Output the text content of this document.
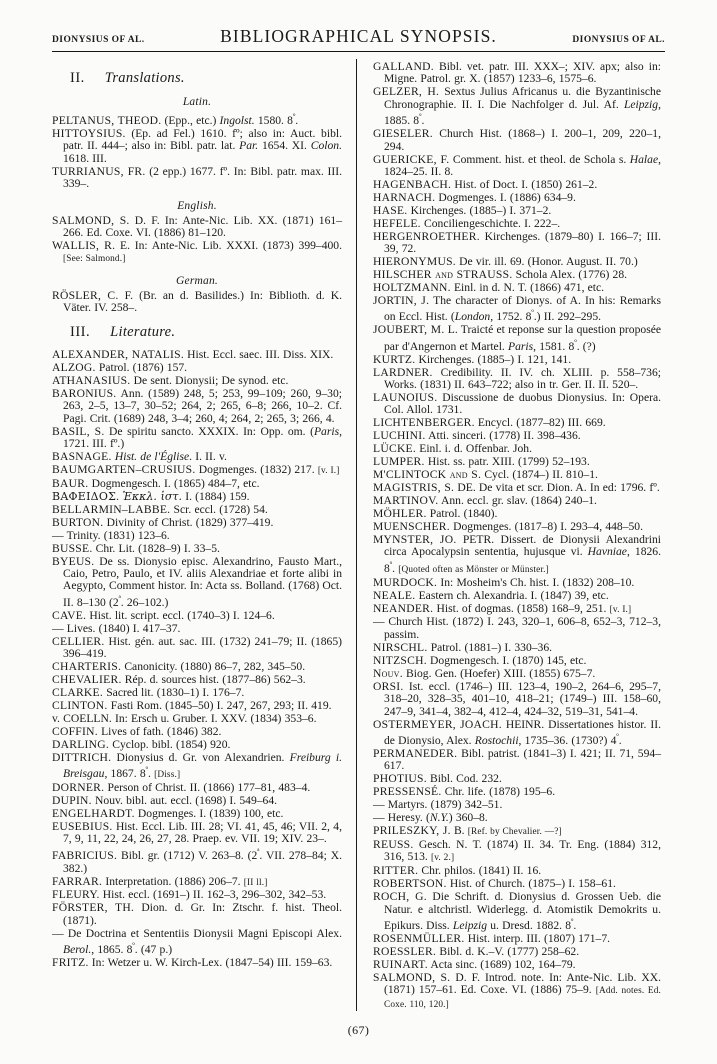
DIONYSIUS OF AL.	BIBLIOGRAPHICAL SYNOPSIS.	DIONYSIUS OF AL.
II. Translations.
Latin.
PELTANUS, THEOD. (Epp., etc.) Ingolst. 1580. $8^º$.
HITTOYSIUS. (Ep. ad Fel.) 1610. fº; also in: Auct. bibl. patr. II. 444–; also in: Bibl. patr. lat. Par. 1654. XI. Colon. 1618. III.
TURRIANUS, FR. (2 epp.) 1677. fº. In: Bibl. patr. max. III. 339–.
English.
SALMOND, S. D. F. In: Ante-Nic. Lib. XX. (1871) 161–266. Ed. Coxe. VI. (1886) 81–120.
WALLIS, R. E. In: Ante-Nic. Lib. XXXI. (1873) 399–400. [See: Salmond.]
German.
RÖSLER, C. F. (Br. an d. Basilides.) In: Biblioth. d. K. Väter. IV. 258–.
III. Literature.
ALEXANDER, NATALIS. Hist. Eccl. saec. III. Diss. XIX.
ALZOG. Patrol. (1876) 157.
ATHANASIUS. De sent. Dionysii; De synod. etc.
BARONIUS. Ann. (1589) 248, 5; 253, 99–109; 260, 9–30; 263, 2–5, 13–7, 30–52; 264, 2; 265, 6–8; 266, 10–2. Cf. Pagi. Crit. (1689) 248, 3–4; 260, 4; 264, 2; 265, 3; 266, 4.
BASIL, S. De spiritu sancto. XXXIX. In: Opp. om. (Paris, 1721. III. fº.)
BASNAGE. Hist. de l'Église. I. II. v.
BAUMGARTEN–CRUSIUS. Dogmenges. (1832) 217. [v. I.]
BAUR. Dogmengesch. I. (1865) 484–7, etc.
ΒΑΦΕΙΔΟΣ. Ἐκκλ. ἱστ. I. (1884) 159.
BELLARMIN–LABBE. Scr. eccl. (1728) 54.
BURTON. Divinity of Christ. (1829) 377–419.
— Trinity. (1831) 123–6.
BUSSE. Chr. Lit. (1828–9) I. 33–5.
BYEUS. De ss. Dionysio episc. Alexandrino, Fausto Mart., Caio, Petro, Paulo, et IV. aliis Alexandriae et forte alibi in Aegypto, Comment histor. In: Acta ss. Bolland. (1768) Oct. II. 8–130 ($2^ª$. 26–102.)
CAVE. Hist. lit. script. eccl. (1740–3) I. 124–6.
— Lives. (1840) I. 417–37.
CELLIER. Hist. gén. aut. sac. III. (1732) 241–79; II. (1865) 396–419.
CHARTERIS. Canonicity. (1880) 86–7, 282, 345–50.
CHEVALIER. Rép. d. sources hist. (1877–86) 562–3.
CLARKE. Sacred lit. (1830–1) I. 176–7.
CLINTON. Fasti Rom. (1845–50) I. 247, 267, 293; II. 419.
v. COELLN. In: Ersch u. Gruber. I. XXV. (1834) 353–6.
COFFIN. Lives of fath. (1846) 382.
DARLING. Cyclop. bibl. (1854) 920.
DITTRICH. Dionysius d. Gr. von Alexandrien. Freiburg i. Breisgau, 1867. $8^º$. [Diss.]
DORNER. Person of Christ. II. (1866) 177–81, 483–4.
DUPIN. Nouv. bibl. aut. eccl. (1698) I. 549–64.
ENGELHARDT. Dogmenges. I. (1839) 100, etc.
EUSEBIUS. Hist. Eccl. Lib. III. 28; VI. 41, 45, 46; VII. 2, 4, 7, 9, 11, 22, 24, 26, 27, 28. Praep. ev. VII. 19; XIV. 23–.
FABRICIUS. Bibl. gr. (1712) V. 263–8. ($2^ª$. VII. 278–84; X. 382.)
FARRAR. Interpretation. (1886) 206–7. [II ll.]
FLEURY. Hist. eccl. (1691–) II. 162–3, 296–302, 342–53.
FÖRSTER, TH. Dion. d. Gr. In: Ztschr. f. hist. Theol. (1871).
— De Doctrina et Sententiis Dionysii Magni Episcopi Alex. Berol., 1865. $8^º$. (47 p.)
FRITZ. In: Wetzer u. W. Kirch-Lex. (1847–54) III. 159–63.
GALLAND. Bibl. vet. patr. III. XXX–; XIV. apx; also in: Migne. Patrol. gr. X. (1857) 1233–6, 1575–6.
GELZER, H. Sextus Julius Africanus u. die Byzantinische Chronographie. II. I. Die Nachfolger d. Jul. Af. Leipzig, 1885. $8^º$.
GIESELER. Church Hist. (1868–) I. 200–1, 209, 220–1, 294.
GUERICKE, F. Comment. hist. et theol. de Schola s. Halae, 1824–25. II. 8.
HAGENBACH. Hist. of Doct. I. (1850) 261–2.
HARNACH. Dogmenges. I. (1886) 634–9.
HASE. Kirchenges. (1885–) I. 371–2.
HEFELE. Conciliengeschichte. I. 222–.
HERGENROETHER. Kirchenges. (1879–80) I. 166–7; III. 39, 72.
HIERONYMUS. De vir. ill. 69. (Honor. August. II. 70.)
HILSCHER and STRAUSS. Schola Alex. (1776) 28.
HOLTZMANN. Einl. in d. N. T. (1866) 471, etc.
JORTIN, J. The character of Dionys. of A. In his: Remarks on Eccl. Hist. (London, 1752. $8^º$.) II. 292–295.
JOUBERT, M. L. Traicté et reponse sur la question proposée par d'Angernon et Martel. Paris, 1581. $8^º$. (?)
KURTZ. Kirchenges. (1885–) I. 121, 141.
LARDNER. Credibility. II. IV. ch. XLIII. p. 558–736; Works. (1831) II. 643–722; also in tr. Ger. II. II. 520–.
LAUNOIUS. Discussione de duobus Dionysius. In: Opera. Col. Allol. 1731.
LICHTENBERGER. Encycl. (1877–82) III. 669.
LUCHINI. Atti. sinceri. (1778) II. 398–436.
LÜCKE. Einl. i. d. Offenbar. Joh.
LUMPER. Hist. ss. patr. XIII. (1799) 52–193.
M'CLINTOCK and S. Cycl. (1874–) II. 810–1.
MAGISTRIS, S. DE. De vita et scr. Dion. A. In ed: 1796. fº.
MARTINOV. Ann. eccl. gr. slav. (1864) 240–1.
MÖHLER. Patrol. (1840).
MUENSCHER. Dogmenges. (1817–8) I. 293–4, 448–50.
MYNSTER, JO. PETR. Dissert. de Dionysii Alexandrini circa Apocalypsin sententia, hujusque vi. Havniae, 1826. $8^º$. [Quoted often as Mönster or Münster.]
MURDOCK. In: Mosheim's Ch. hist. I. (1832) 208–10.
NEALE. Eastern ch. Alexandria. I. (1847) 39, etc.
NEANDER. Hist. of dogmas. (1858) 168–9, 251. [v. I.]
— Church Hist. (1872) I. 243, 320–1, 606–8, 652–3, 712–3, passim.
NIRSCHL. Patrol. (1881–) I. 330–36.
NITZSCH. Dogmengesch. I. (1870) 145, etc.
Nouv. Biog. Gen. (Hoefer) XIII. (1855) 675–7.
ORSI. Ist. eccl. (1746–) III. 123–4, 190–2, 264–6, 295–7, 318–20, 328–35, 401–10, 418–21; (1749–) III. 158–60, 247–9, 341–4, 382–4, 412–4, 424–32, 519–31, 541–4.
OSTERMEYER, JOACH. HEINR. Dissertationes histor. II. de Dionysio, Alex. Rostochii, 1735–36. (1730?) $4^º$.
PERMANEDER. Bibl. patrist. (1841–3) I. 421; II. 71, 594–617.
PHOTIUS. Bibl. Cod. 232.
PRESSENSÉ. Chr. life. (1878) 195–6.
— Martyrs. (1879) 342–51.
— Heresy. (N.Y.) 360–8.
PRILESZKY, J. B. [Ref. by Chevalier. —?]
REUSS. Gesch. N. T. (1874) II. 34. Tr. Eng. (1884) 312, 316, 513. [v. 2.]
RITTER. Chr. philos. (1841) II. 16.
ROBERTSON. Hist. of Church. (1875–) I. 158–61.
ROCH, G. Die Schrift. d. Dionysius d. Grossen Ueb. die Natur. e altchristl. Widerlegg. d. Atomistik Demokrits u. Epikurs. Diss. Leipzig u. Dresd. 1882. $8^º$.
ROSENMÜLLER. Hist. interp. III. (1807) 171–7.
ROESSLER. Bibl. d. K.–V. (1777) 258–62.
RUINART. Acta sinc. (1689) 102, 164–79.
SALMOND, S. D. F. Introd. note. In: Ante-Nic. Lib. XX. (1871) 157–61. Ed. Coxe. VI. (1886) 75–9. [Add. notes. Ed. Coxe. 110, 120.]
(67)
